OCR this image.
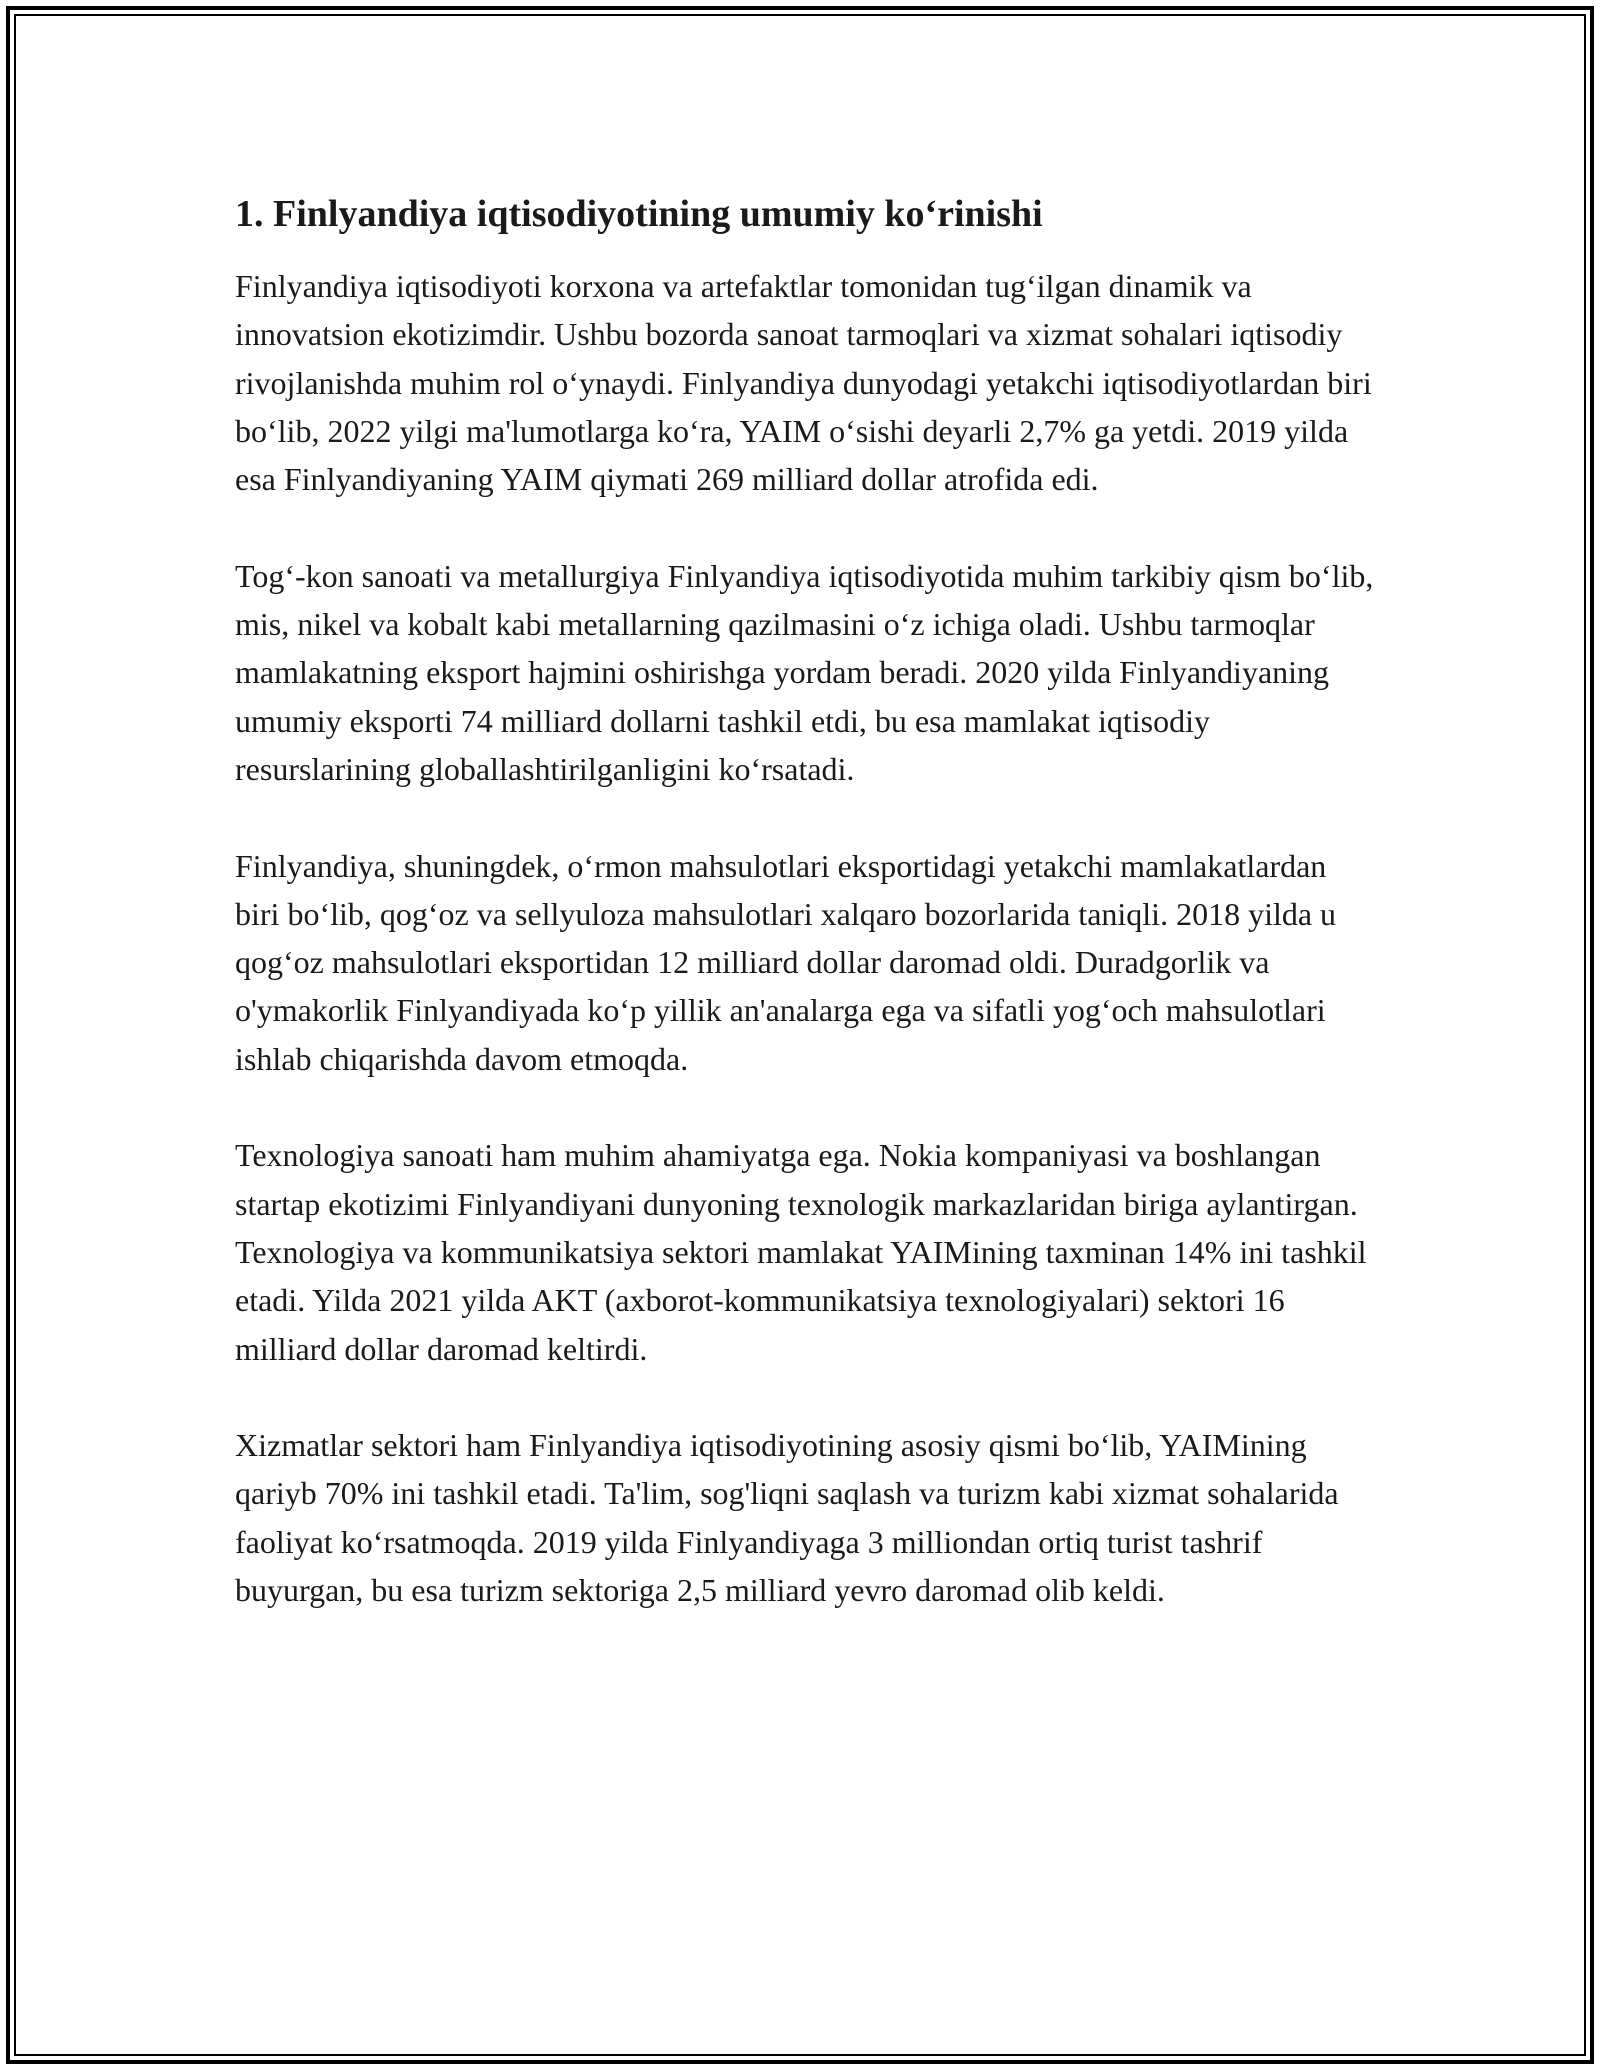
1. Finlyandiya iqtisodiyotining umumiy ko‘rinishi

Finlyandiya iqtisodiyoti korxona va artefaktlar tomonidan tug‘ilgan dinamik va innovatsion ekotizimdir. Ushbu bozorda sanoat tarmoqlari va xizmat sohalari iqtisodiy rivojlanishda muhim rol o‘ynaydi. Finlyandiya dunyodagi yetakchi iqtisodiyotlardan biri bo‘lib, 2022 yilgi ma'lumotlarga ko‘ra, YAIM o‘sishi deyarli 2,7% ga yetdi. 2019 yilda esa Finlyandiyaning YAIM qiymati 269 milliard dollar atrofida edi.

Tog‘-kon sanoati va metallurgiya Finlyandiya iqtisodiyotida muhim tarkibiy qism bo‘lib, mis, nikel va kobalt kabi metallarning qazilmasini o‘z ichiga oladi. Ushbu tarmoqlar mamlakatning eksport hajmini oshirishga yordam beradi. 2020 yilda Finlyandiyaning umumiy eksporti 74 milliard dollarni tashkil etdi, bu esa mamlakat iqtisodiy resurslarining globallashtirilganligini ko‘rsatadi.

Finlyandiya, shuningdek, o‘rmon mahsulotlari eksportidagi yetakchi mamlakatlardan biri bo‘lib, qog‘oz va sellyuloza mahsulotlari xalqaro bozorlarida taniqli. 2018 yilda u qog‘oz mahsulotlari eksportidan 12 milliard dollar daromad oldi. Duradgorlik va o'ymakorlik Finlyandiyada ko‘p yillik an'analarga ega va sifatli yog‘och mahsulotlari ishlab chiqarishda davom etmoqda.

Texnologiya sanoati ham muhim ahamiyatga ega. Nokia kompaniyasi va boshlangan startap ekotizimi Finlyandiyani dunyoning texnologik markazlaridan biriga aylantirgan. Texnologiya va kommunikatsiya sektori mamlakat YAIMining taxminan 14% ini tashkil etadi. Yilda 2021 yilda AKT (axborot-kommunikatsiya texnologiyalari) sektori 16 milliard dollar daromad keltirdi.

Xizmatlar sektori ham Finlyandiya iqtisodiyotining asosiy qismi bo‘lib, YAIMining qariyb 70% ini tashkil etadi. Ta'lim, sog'liqni saqlash va turizm kabi xizmat sohalarida faoliyat ko‘rsatmoqda. 2019 yilda Finlyandiyaga 3 milliondan ortiq turist tashrif buyurgan, bu esa turizm sektoriga 2,5 milliard yevro daromad olib keldi.
